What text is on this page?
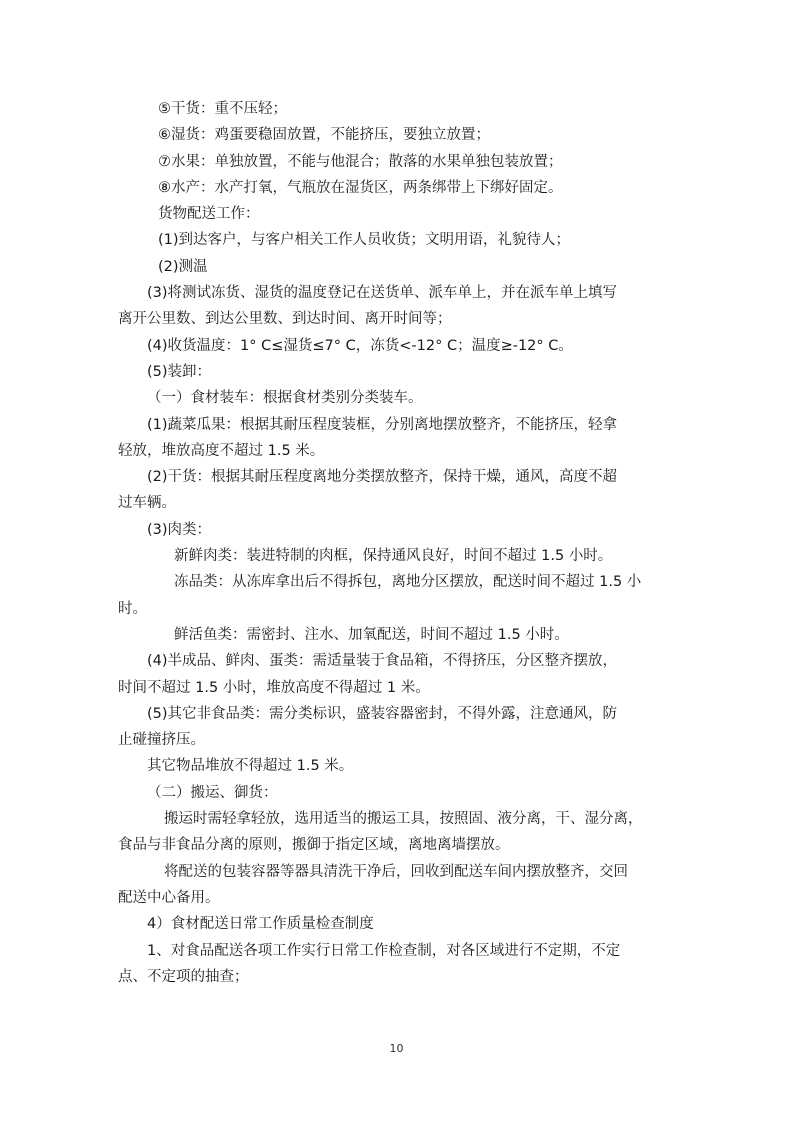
⑤干货：重不压轻；

⑥湿货：鸡蛋要稳固放置，不能挤压，要独立放置；

⑦水果：单独放置，不能与他混合；散落的水果单独包装放置；

⑧水产：水产打氧，气瓶放在湿货区，两条绑带上下绑好固定。

货物配送工作：

(1)到达客户，与客户相关工作人员收货；文明用语，礼貌待人；

(2)测温

(3)将测试冻货、湿货的温度登记在送货单、派车单上，并在派车单上填写

离开公里数、到达公里数、到达时间、离开时间等；

(4)收货温度：1° C≤湿货≤7° C，冻货<-12° C；温度≥-12° C。

(5)装卸：

（一）食材装车：根据食材类别分类装车。

(1)蔬菜瓜果：根据其耐压程度装框，分别离地摆放整齐，不能挤压，轻拿

轻放，堆放高度不超过 1.5 米。

(2)干货：根据其耐压程度离地分类摆放整齐，保持干燥，通风，高度不超

过车辆。

(3)肉类：

新鲜肉类：装进特制的肉框，保持通风良好，时间不超过 1.5 小时。

冻品类：从冻库拿出后不得拆包，离地分区摆放，配送时间不超过 1.5 小

时。

鲜活鱼类：需密封、注水、加氧配送，时间不超过 1.5 小时。

(4)半成品、鲜肉、蛋类：需适量装于食品箱，不得挤压，分区整齐摆放，

时间不超过 1.5 小时，堆放高度不得超过 1 米。

(5)其它非食品类：需分类标识，盛装容器密封，不得外露，注意通风，防

止碰撞挤压。

其它物品堆放不得超过 1.5 米。

（二）搬运、御货：

搬运时需轻拿轻放，选用适当的搬运工具，按照固、液分离，干、湿分离，

食品与非食品分离的原则，搬御于指定区域，离地离墙摆放。

将配送的包装容器等器具清洗干净后，回收到配送车间内摆放整齐，交回

配送中心备用。

4）食材配送日常工作质量检查制度

1、对食品配送各项工作实行日常工作检查制，对各区域进行不定期，不定

点、不定项的抽查；

10
